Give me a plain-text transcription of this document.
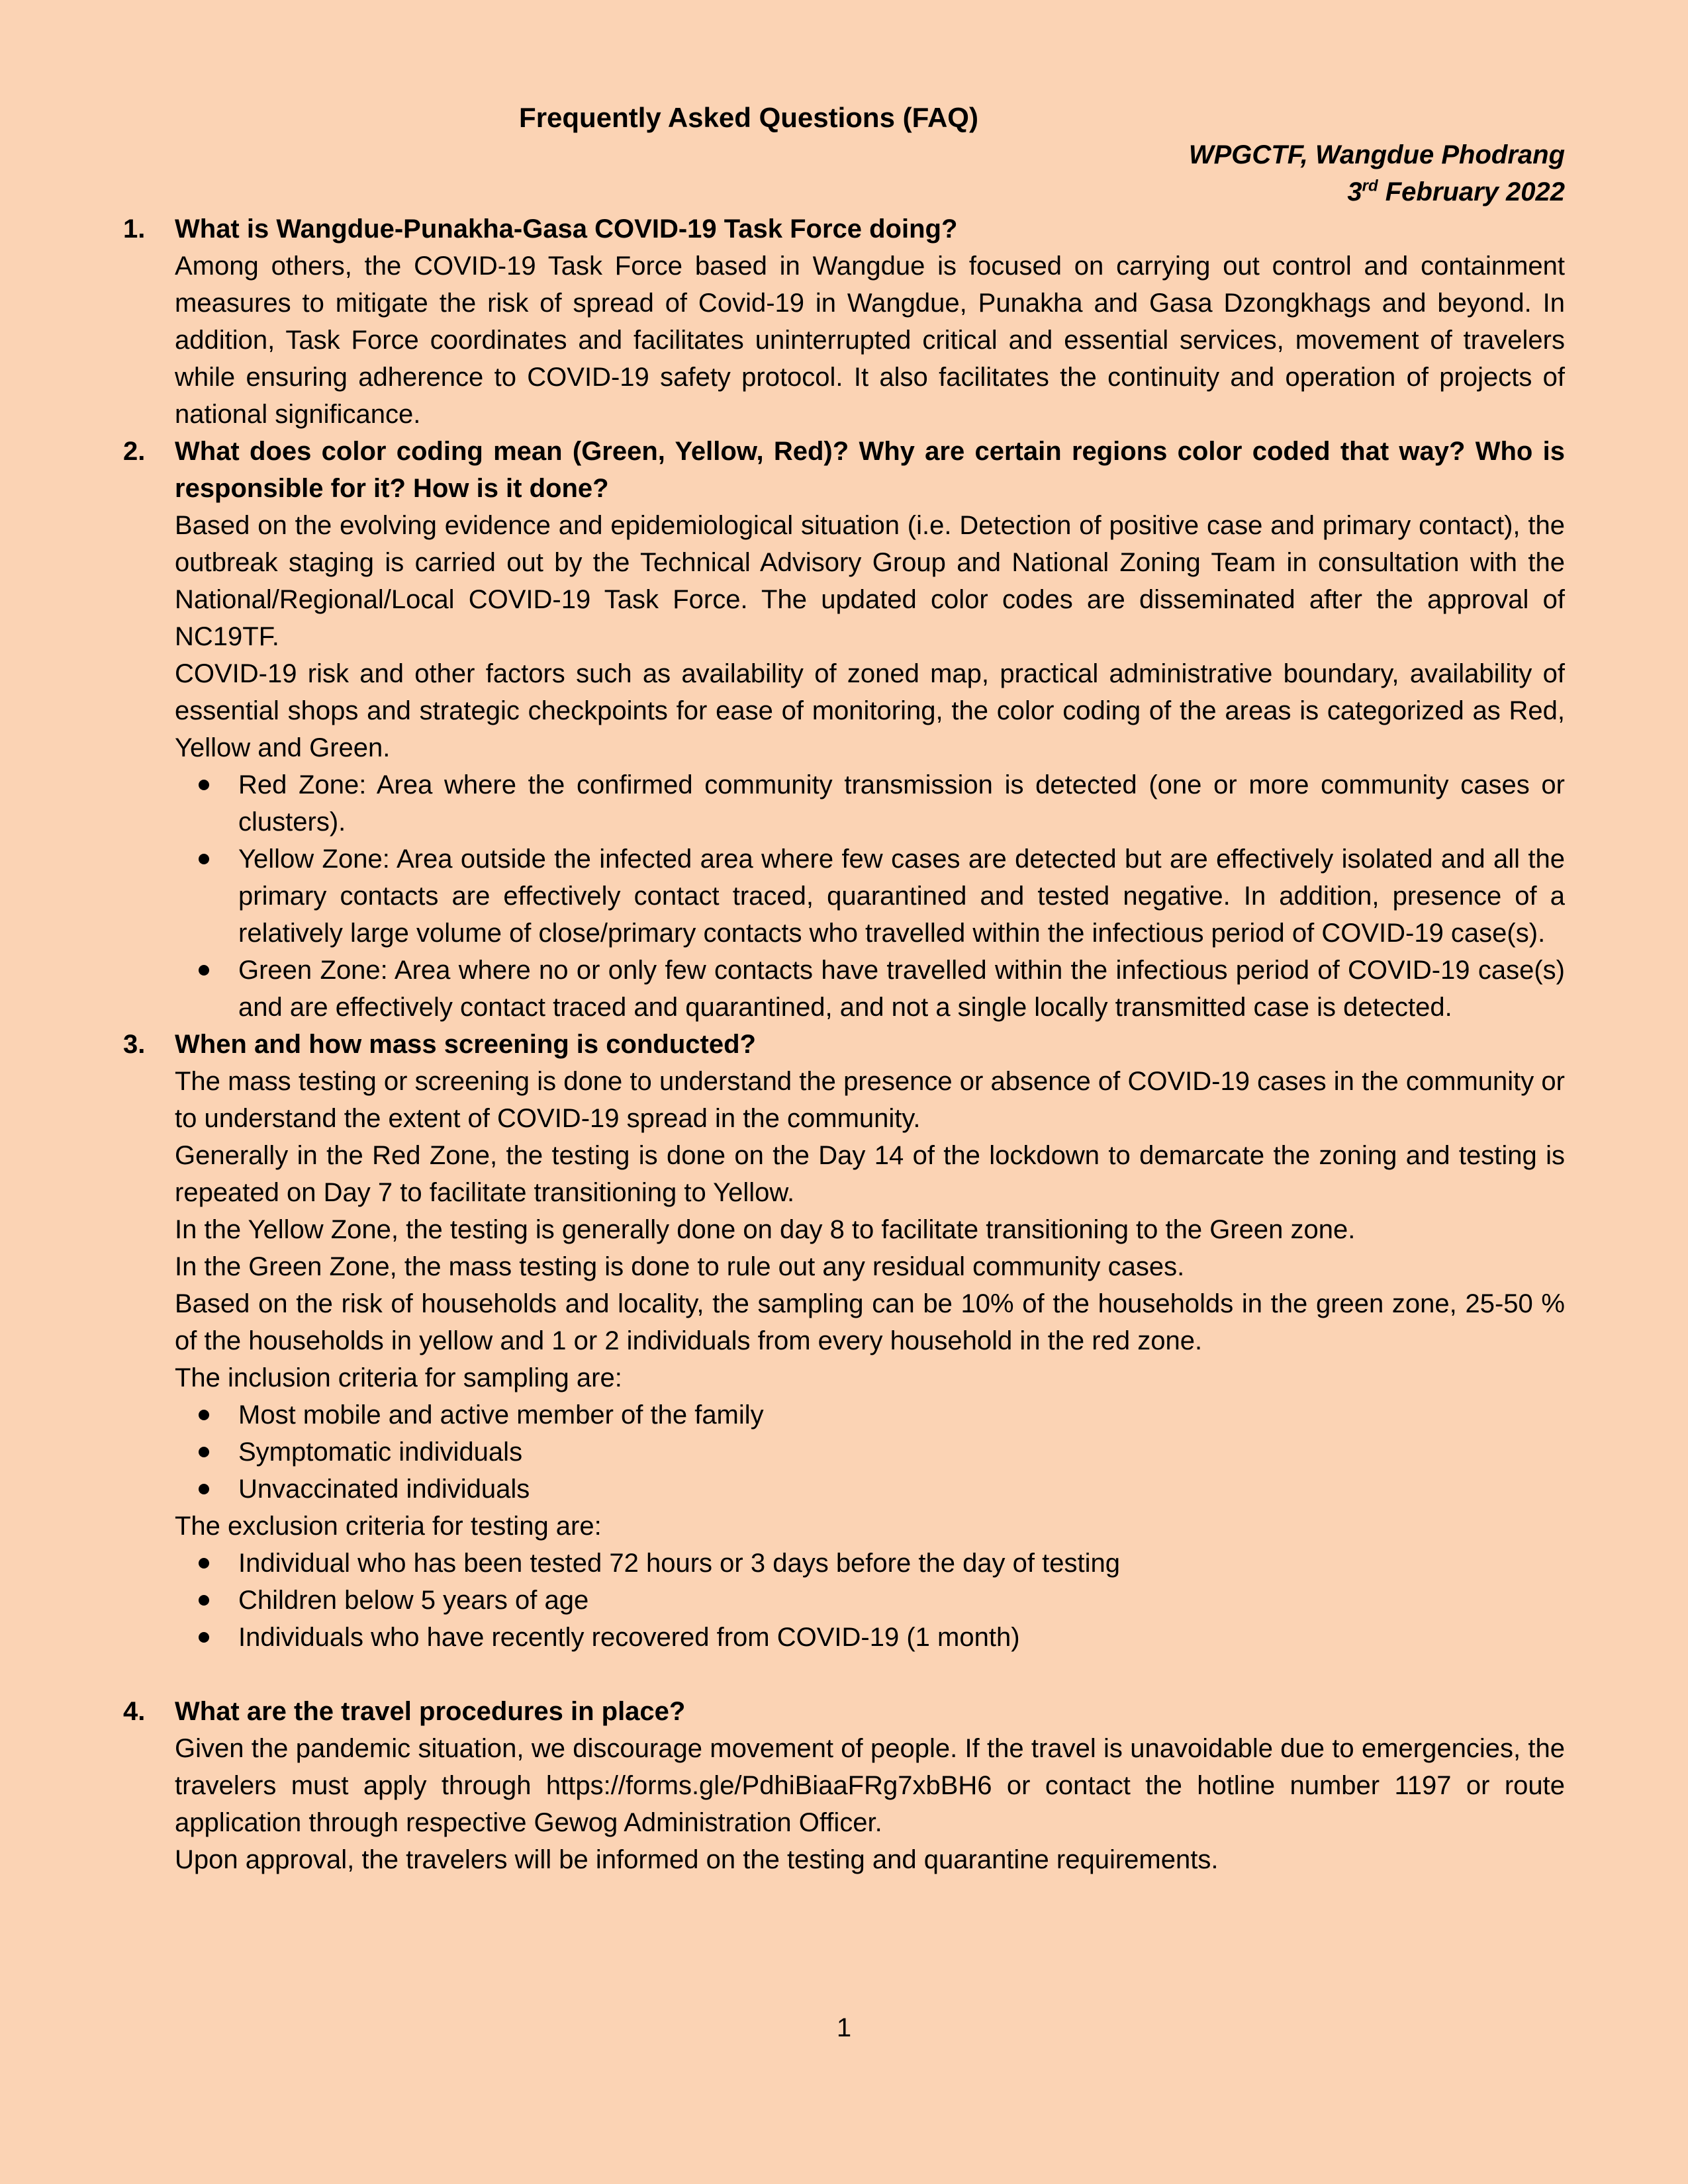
Frequently Asked Questions (FAQ)
WPGCTF, Wangdue Phodrang
3rd February 2022
1. What is Wangdue-Punakha-Gasa COVID-19 Task Force doing?
Among others, the COVID-19 Task Force based in Wangdue is focused on carrying out control and containment measures to mitigate the risk of spread of Covid-19 in Wangdue, Punakha and Gasa Dzongkhags and beyond. In addition, Task Force coordinates and facilitates uninterrupted critical and essential services, movement of travelers while ensuring adherence to COVID-19 safety protocol. It also facilitates the continuity and operation of projects of national significance.
2. What does color coding mean (Green, Yellow, Red)? Why are certain regions color coded that way? Who is responsible for it? How is it done?
Based on the evolving evidence and epidemiological situation (i.e. Detection of positive case and primary contact), the outbreak staging is carried out by the Technical Advisory Group and National Zoning Team in consultation with the National/Regional/Local COVID-19 Task Force. The updated color codes are disseminated after the approval of NC19TF.
COVID-19 risk and other factors such as availability of zoned map, practical administrative boundary, availability of essential shops and strategic checkpoints for ease of monitoring, the color coding of the areas is categorized as Red, Yellow and Green.
Red Zone: Area where the confirmed community transmission is detected (one or more community cases or clusters).
Yellow Zone: Area outside the infected area where few cases are detected but are effectively isolated and all the primary contacts are effectively contact traced, quarantined and tested negative. In addition, presence of a relatively large volume of close/primary contacts who travelled within the infectious period of COVID-19 case(s).
Green Zone: Area where no or only few contacts have travelled within the infectious period of COVID-19 case(s) and are effectively contact traced and quarantined, and not a single locally transmitted case is detected.
3. When and how mass screening is conducted?
The mass testing or screening is done to understand the presence or absence of COVID-19 cases in the community or to understand the extent of COVID-19 spread in the community.
Generally in the Red Zone, the testing is done on the Day 14 of the lockdown to demarcate the zoning and testing is repeated on Day 7 to facilitate transitioning to Yellow.
In the Yellow Zone, the testing is generally done on day 8 to facilitate transitioning to the Green zone.
In the Green Zone, the mass testing is done to rule out any residual community cases.
Based on the risk of households and locality, the sampling can be 10% of the households in the green zone, 25-50 % of the households in yellow and 1 or 2 individuals from every household in the red zone.
The inclusion criteria for sampling are:
Most mobile and active member of the family
Symptomatic individuals
Unvaccinated individuals
The exclusion criteria for testing are:
Individual who has been tested 72 hours or 3 days before the day of testing
Children below 5 years of age
Individuals who have recently recovered from COVID-19 (1 month)
4. What are the travel procedures in place?
Given the pandemic situation, we discourage movement of people. If the travel is unavoidable due to emergencies, the travelers must apply through https://forms.gle/PdhiBiaaFRg7xbBH6 or contact the hotline number 1197 or route application through respective Gewog Administration Officer.
Upon approval, the travelers will be informed on the testing and quarantine requirements.
1
